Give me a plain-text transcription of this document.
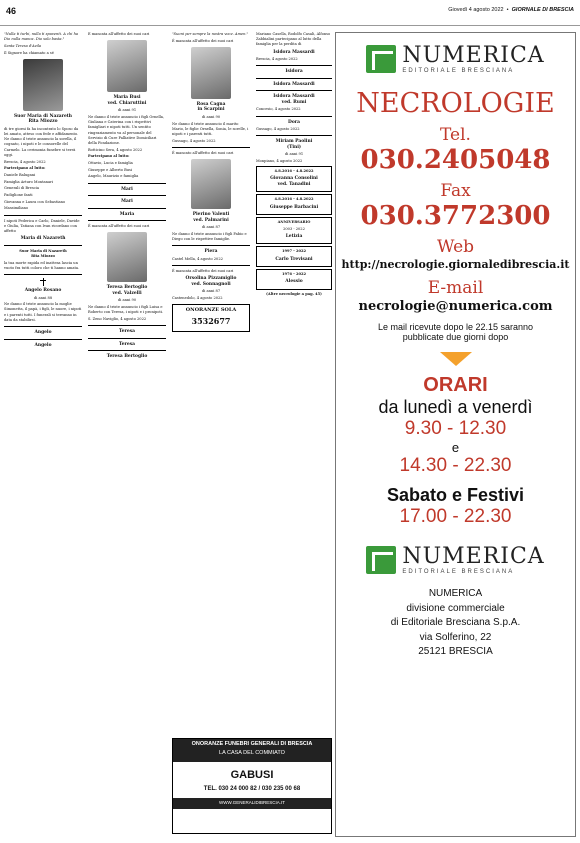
46	Giovedì 4 agosto 2022  •  GIORNALE DI BRESCIA

"Nulla ti turbi, nulla ti spaventi. A chi ha Dio nulla manca. Dio solo basta."

Santa Teresa d'Avila

Il Signore ha chiamato a sé

Suor Maria di Nazareth
Rita Miozzo

di tre giorni fa ha incontrato lo Sposo da lei amato, atteso con fede e affidamento. Ne danno il triste annuncio la sorella, il cognato, i nipoti e le consorelle del Carmelo. La cerimonia funebre si terrà oggi.

Brescia, 4 agosto 2022

Partecipano al lutto:

Daniele Balugani

Famiglia Arturo Montanari

Generali di Brescia

Padiglione fanti

Giovanna e Laura con Sebastiano

Massimiliano

I nipoti Federica e Carlo, Daniele, Davide e Giulia, Tatiana con Ivan ricordano con affetto

Maria di Nazareth

Suor Maria di Nazareth
Rita Miozzo

la tua morte rapida ed inattesa lascia un vuoto fra tutti coloro che ti hanno amata.

Angelo Rosano

di anni 88

Ne danno il triste annuncio la moglie Simonetta, il papà, i figli, le nuore, i nipoti e i parenti tutti. I funerali si terranno in data da stabilirsi.

Angelo

Angelo

È mancata all'affetto dei suoi cari

Maria Busi
ved. Chiaruttini

di anni 91

Ne danno il triste annuncio i figli Ornella, Giuliana e Caterina con i rispettivi famigliari e nipoti tutti. Un sentito ringraziamento va al personale del Servizio di Cure Palliative Domiciliari della Fondazione.

Botticino Sera, 4 agosto 2022

Partecipano al lutto:

Ottavio, Lucia e famiglia

Giuseppe e Alberto Busi

Angelo, Maurizio e famiglia

Mari

Mari

Maria

È mancata all'affetto dei suoi cari

Teresa Bertoglio
ved. Valzelli

di anni 90

Ne danno il triste annuncio i figli Luisa e Roberto con Teresa, i nipoti e i pronipoti.

S. Zeno Naviglio, 4 agosto 2022

Teresa

Teresa

Teresa Bertoglio

"Suoni per sempre la nostra voce. Amen."

È mancata all'affetto dei suoi cari

Rosa Cagna
in Scarpini

di anni 90

Ne danno il triste annuncio il marito Mario, le figlie Ornella, Sonia, le sorelle, i nipoti e i parenti tutti.

Gussago, 4 agosto 2022

È mancato all'affetto dei suoi cari

Pierino Valenti
ved. Palmarini

di anni 87

Ne danno il triste annuncio i figli Fabio e Diego con le rispettive famiglie.

Piera

Castel Mella, 4 agosto 2022

È mancata all'affetto dei suoi cari

Orsolina Pizzamiglio
ved. Sonnagnoli

di anni 87

Castenedolo, 4 agosto 2022

ONORANZE SOLA

3532677

Mariano Casella, Rodolfo Casali, Alfonso Zabbialini partecipano al lutto della famiglia per la perdita di

Isidora Massardi

Brescia, 4 agosto 2022

Isidora

Isidora Massardi

Isidora Massardi
ved. Rumi

Concesio, 4 agosto 2022

Dora

Gussago, 4 agosto 2022

Miriam Paolini
(Tini)

di anni 91

Monpiano, 4 agosto 2022

4.8.2016 - 4.8.2022

Giovanna Consolini
ved. Tanadini

4.8.2016 - 4.8.2022

Giuseppe Barbacini

ANNIVERSARIO

2003 - 2022

Letizia

1997 - 2022

Carlo Trevisani

1976 - 2022

Alessio

(Altre necrologie a pag. 45)

ONORANZE FUNEBRI GENERALI DI BRESCIA

LA CASA DEL COMMIATO

GABUSI

TEL. 030 24 000 82 / 030 235 00 68

WWW.GENERALIDIBRESCIA.IT

NUMERICA
EDITORIALE BRESCIANA
NECROLOGIE
Tel.
030.2405048
Fax
030.3772300
Web
http://necrologie.giornaledibrescia.it
E-mail
necrologie@numerica.com
Le mail ricevute dopo le 22.15 saranno pubblicate due giorni dopo
ORARI
da lunedì a venerdì
9.30 - 12.30
e
14.30 - 22.30
Sabato e Festivi
17.00 - 22.30
NUMERICA
EDITORIALE BRESCIANA
NUMERICA
divisione commerciale
di Editoriale Bresciana S.p.A.
via Solferino, 22
25121 BRESCIA
